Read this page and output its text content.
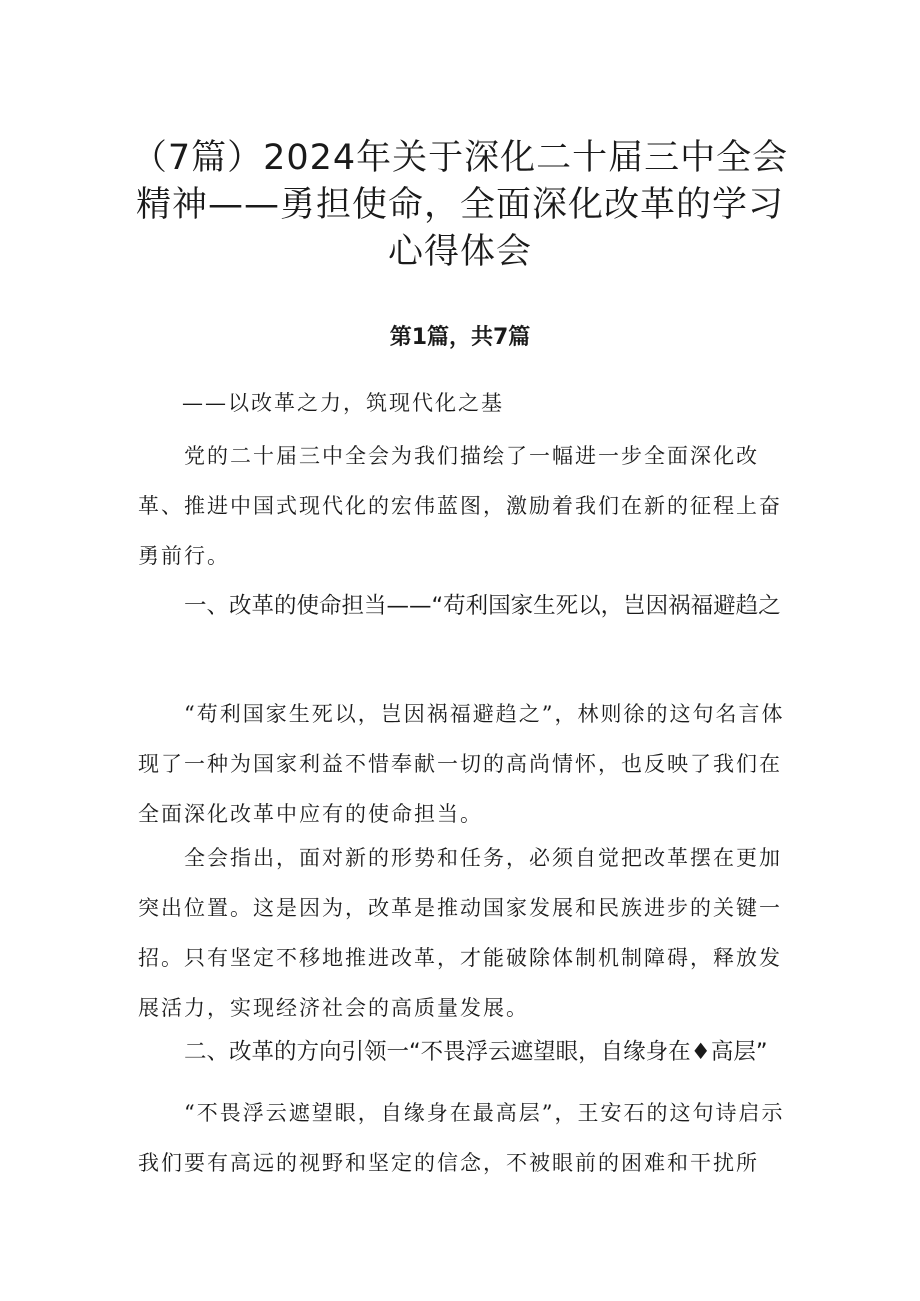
（7篇）2024年关于深化二十届三中全会
精神——勇担使命，全面深化改革的学习
心得体会
第1篇，共7篇

——以改革之力，筑现代化之基

党的二十届三中全会为我们描绘了一幅进一步全面深化改革、推进中国式现代化的宏伟蓝图，激励着我们在新的征程上奋勇前行。

一、改革的使命担当——“苟利国家生死以，岂因祸福避趋之

“苟利国家生死以，岂因祸福避趋之”，林则徐的这句名言体现了一种为国家利益不惜奉献一切的高尚情怀，也反映了我们在全面深化改革中应有的使命担当。

全会指出，面对新的形势和任务，必须自觉把改革摆在更加突出位置。这是因为，改革是推动国家发展和民族进步的关键一招。只有坚定不移地推进改革，才能破除体制机制障碍，释放发展活力，实现经济社会的高质量发展。

二、改革的方向引领一“不畏浮云遮望眼，自缘身在♦高层”

“不畏浮云遮望眼，自缘身在最高层”，王安石的这句诗启示我们要有高远的视野和坚定的信念，不被眼前的困难和干扰所
